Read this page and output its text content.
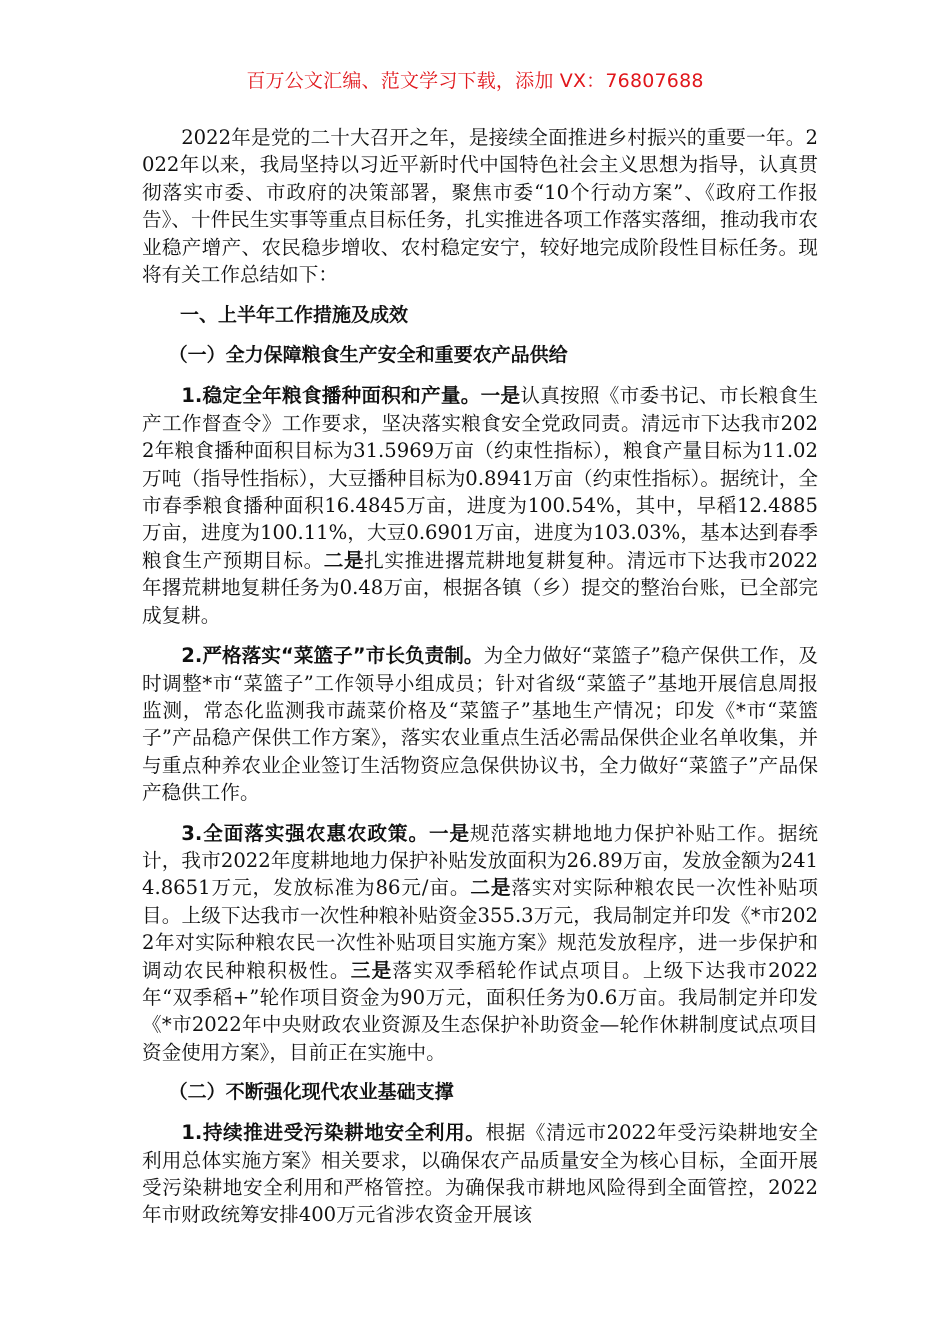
百万公文汇编、范文学习下载，添加 VX：76807688

2022年是党的二十大召开之年，是接续全面推进乡村振兴的重要一年。2022年以来，我局坚持以习近平新时代中国特色社会主义思想为指导，认真贯彻落实市委、市政府的决策部署，聚焦市委“10个行动方案”、《政府工作报告》、十件民生实事等重点目标任务，扎实推进各项工作落实落细，推动我市农业稳产增产、农民稳步增收、农村稳定安宁，较好地完成阶段性目标任务。现将有关工作总结如下：

一、上半年工作措施及成效
（一）全力保障粮食生产安全和重要农产品供给

1.稳定全年粮食播种面积和产量。一是认真按照《市委书记、市长粮食生产工作督查令》工作要求，坚决落实粮食安全党政同责。清远市下达我市2022年粮食播种面积目标为31.5969万亩（约束性指标），粮食产量目标为11.02万吨（指导性指标），大豆播种目标为0.8941万亩（约束性指标）。据统计，全市春季粮食播种面积16.4845万亩，进度为100.54%，其中，早稻12.4885万亩，进度为100.11%，大豆0.6901万亩，进度为103.03%，基本达到春季粮食生产预期目标。二是扎实推进撂荒耕地复耕复种。清远市下达我市2022年撂荒耕地复耕任务为0.48万亩，根据各镇（乡）提交的整治台账，已全部完成复耕。

2.严格落实“菜篮子”市长负责制。为全力做好“菜篮子”稳产保供工作，及时调整*市“菜篮子”工作领导小组成员；针对省级“菜篮子”基地开展信息周报监测，常态化监测我市蔬菜价格及“菜篮子”基地生产情况；印发《*市“菜篮子”产品稳产保供工作方案》，落实农业重点生活必需品保供企业名单收集，并与重点种养农业企业签订生活物资应急保供协议书，全力做好“菜篮子”产品保产稳供工作。

3.全面落实强农惠农政策。一是规范落实耕地地力保护补贴工作。据统计，我市2022年度耕地地力保护补贴发放面积为26.89万亩，发放金额为2414.8651万元，发放标准为86元/亩。二是落实对实际种粮农民一次性补贴项目。上级下达我市一次性种粮补贴资金355.3万元，我局制定并印发《*市2022年对实际种粮农民一次性补贴项目实施方案》规范发放程序，进一步保护和调动农民种粮积极性。三是落实双季稻轮作试点项目。上级下达我市2022年“双季稻+”轮作项目资金为90万元，面积任务为0.6万亩。我局制定并印发《*市2022年中央财政农业资源及生态保护补助资金—轮作休耕制度试点项目资金使用方案》，目前正在实施中。

（二）不断强化现代农业基础支撑

1.持续推进受污染耕地安全利用。根据《清远市2022年受污染耕地安全利用总体实施方案》相关要求，以确保农产品质量安全为核心目标，全面开展受污染耕地安全利用和严格管控。为确保我市耕地风险得到全面管控，2022年市财政统筹安排400万元省涉农资金开展该
